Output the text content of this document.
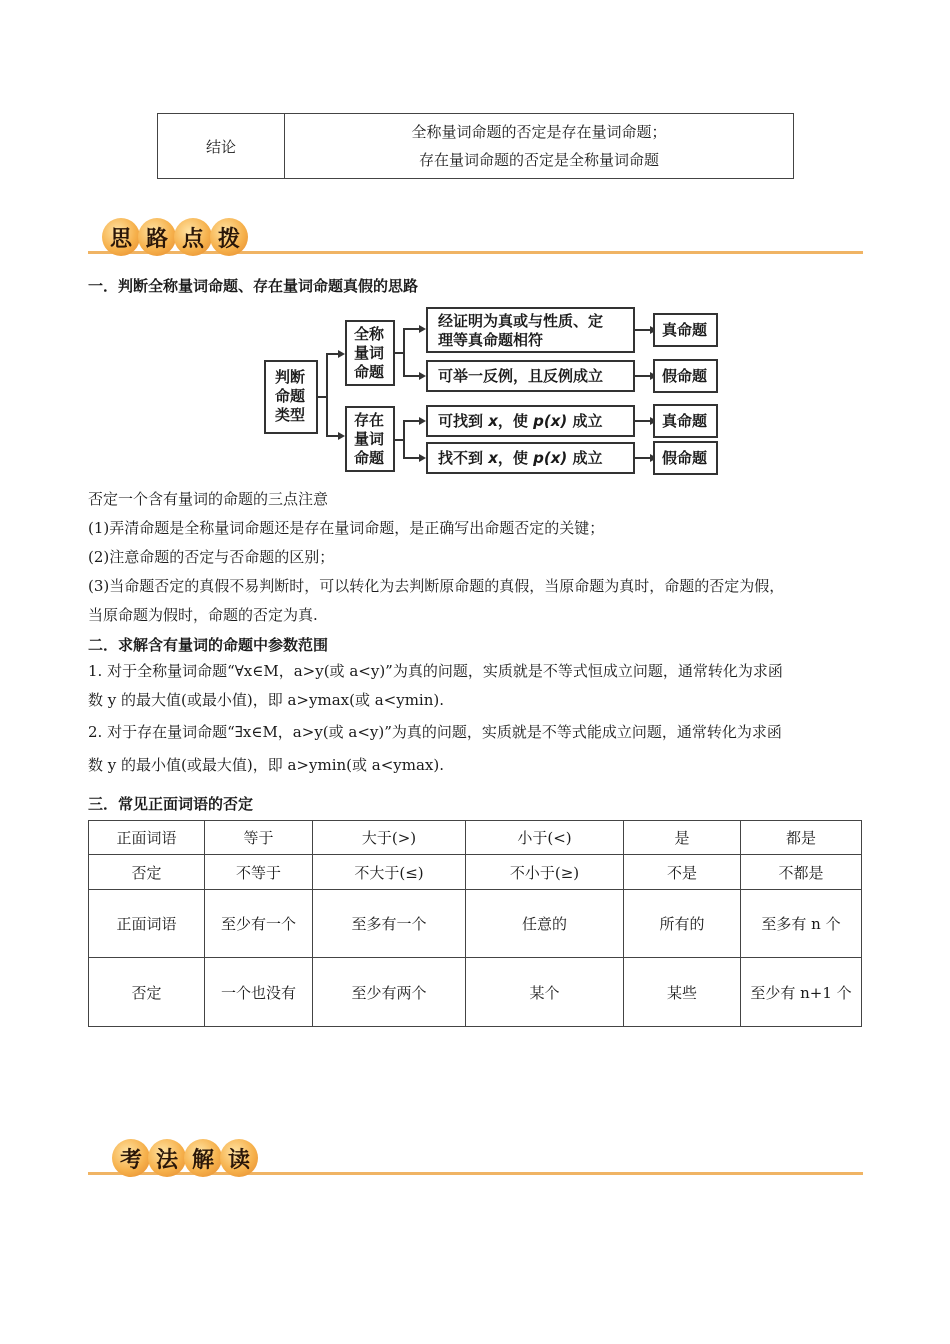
结论	
全称量词命题的否定是存在量词命题；
存在量词命题的否定是全称量词命题
思 路 点 拨
一．判断全称量词命题、存在量词命题真假的思路
判断
命题
类型
全称
量词
命题
经证明为真或与性质、定
理等真命题相符
真命题
可举一反例，且反例成立	假命题
存在
量词
命题
可找到 x，使 p(x) 成立	真命题
找不到 x，使 p(x) 成立	假命题
否定一个含有量词的命题的三点注意
(1)弄清命题是全称量词命题还是存在量词命题，是正确写出命题否定的关键；
(2)注意命题的否定与否命题的区别；
(3)当命题否定的真假不易判断时，可以转化为去判断原命题的真假，当原命题为真时，命题的否定为假，
当原命题为假时，命题的否定为真.
二．求解含有量词的命题中参数范围
1. 对于全称量词命题“∀x∈M，a>y(或 a<y)”为真的问题，实质就是不等式恒成立问题，通常转化为求函
数 y 的最大值(或最小值)，即 a>ymax(或 a<ymin).
2. 对于存在量词命题“∃x∈M，a>y(或 a<y)”为真的问题，实质就是不等式能成立问题，通常转化为求函
数 y 的最小值(或最大值)，即 a>ymin(或 a<ymax).
三．常见正面词语的否定
正面词语	等于	大于(>)	小于(<)	是	都是
否定	不等于	不大于(≤)	不小于(≥)	不是	不都是
正面词语	至少有一个	至多有一个	任意的	所有的	至多有 n 个
否定	一个也没有	至少有两个	某个	某些	至少有 n+1 个
考 法 解 读
